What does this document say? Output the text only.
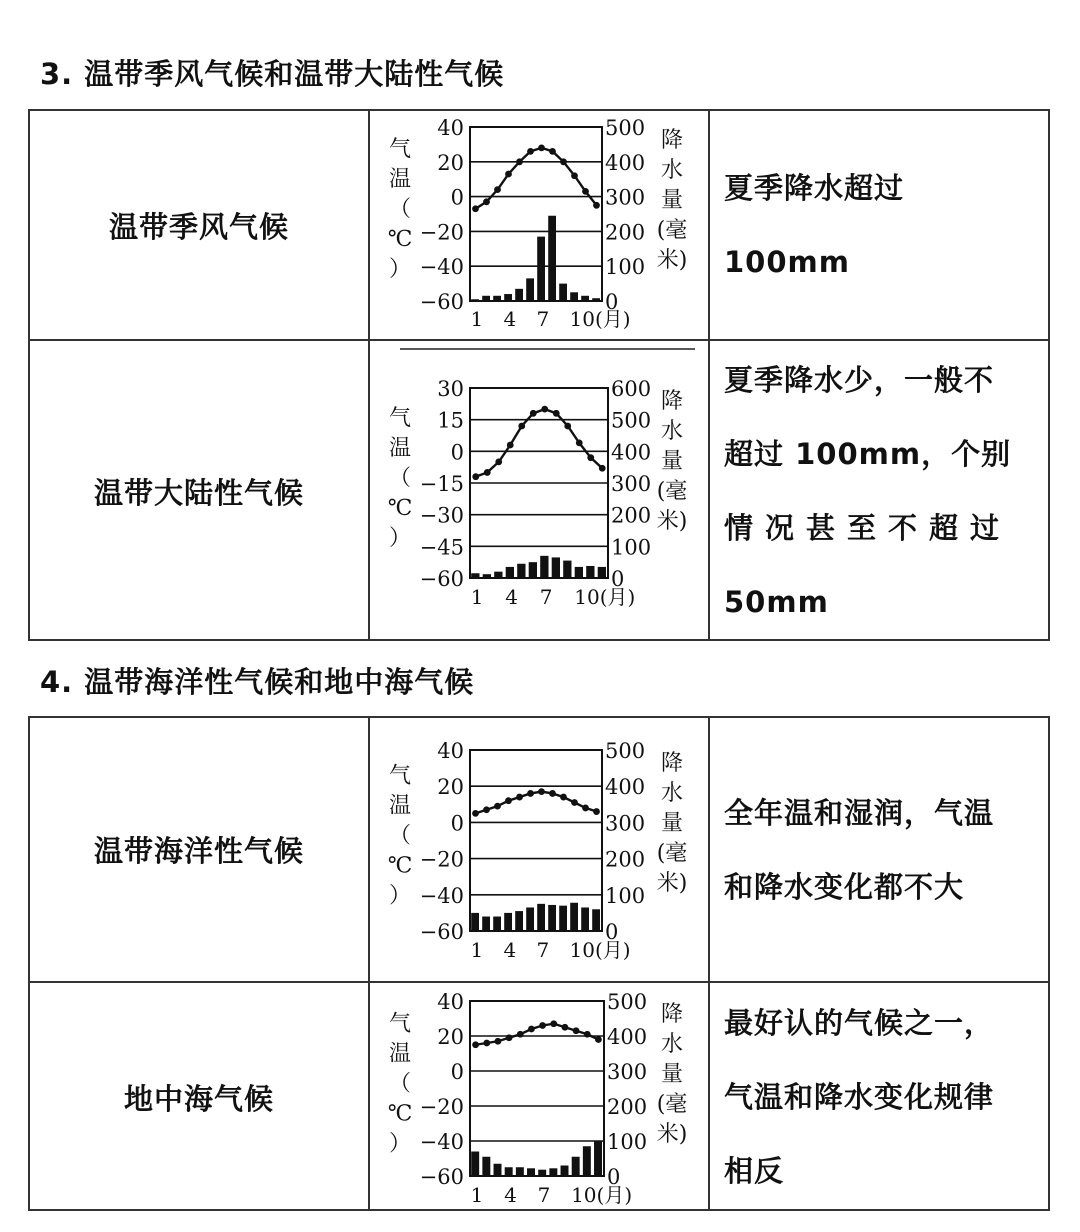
3. 温带季风气候和温带大陆性气候
温带季风气候
40
20
0
−20
−40
−60
500
400
300
200
100
0
气
温
（
℃
）
降
水
量
(毫
米)
1 4 7 10(月)
夏季降水超过
100mm
温带大陆性气候
30
15
0
−15
−30
−45
−60
600
500
400
300
200
100
0
气
温
（
℃
）
降
水
量
(毫
米)
1 4 7 10(月)
夏季降水少，一般不
超过 100mm，个别
情况甚至不超过
50mm
4. 温带海洋性气候和地中海气候
温带海洋性气候
40
20
0
−20
−40
−60
500
400
300
200
100
0
气
温
（
℃
）
降
水
量
(毫
米)
1 4 7 10(月)
全年温和湿润，气温
和降水变化都不大
地中海气候
40
20
0
−20
−40
−60
500
400
300
200
100
0
气
温
（
℃
）
降
水
量
(毫
米)
1 4 7 10(月)
最好认的气候之一，
气温和降水变化规律
相反
